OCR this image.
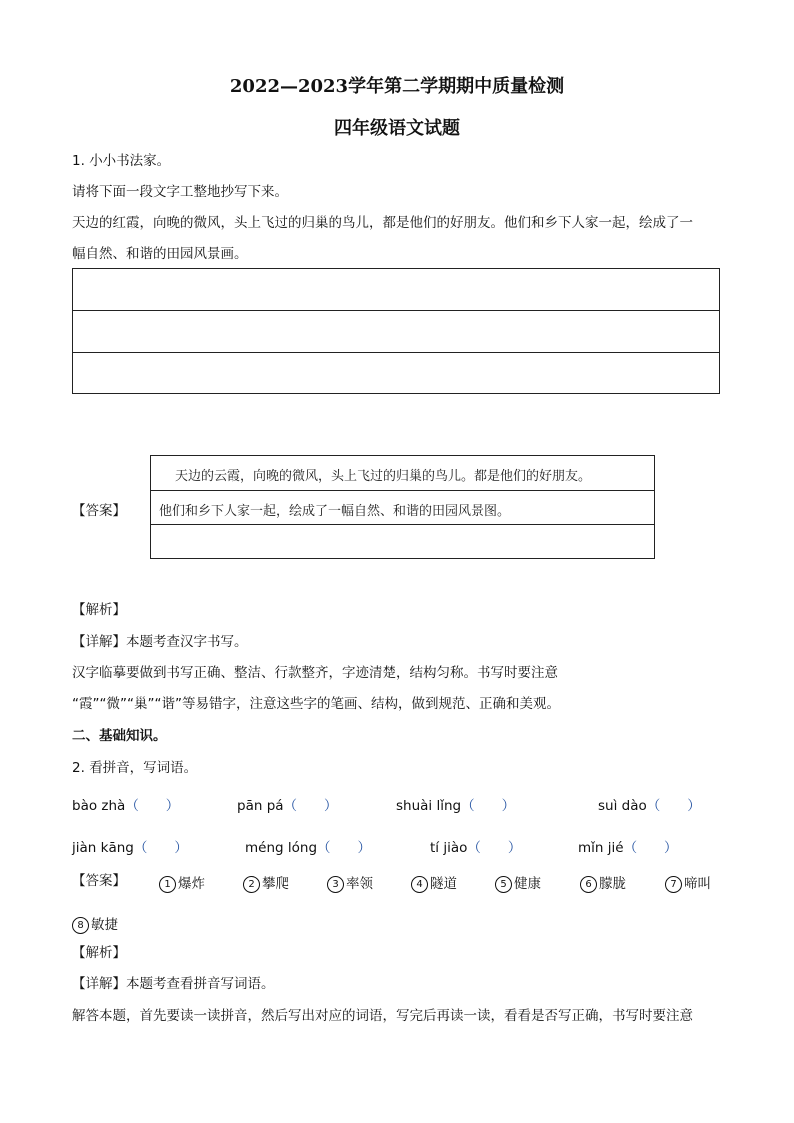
2022—2023学年第二学期期中质量检测
四年级语文试题
1. 小小书法家。
请将下面一段文字工整地抄写下来。
天边的红霞，向晚的微风，头上飞过的归巢的鸟儿，都是他们的好朋友。他们和乡下人家一起，绘成了一
幅自然、和谐的田园风景画。
【答案】
天边的云霞，向晚的微风，头上飞过的归巢的鸟儿。都是他们的好朋友。
他们和乡下人家一起，绘成了一幅自然、和谐的田园风景图。
【解析】
【详解】本题考查汉字书写。
汉字临摹要做到书写正确、整洁、行款整齐，字迹清楚，结构匀称。书写时要注意
“霞”“微”“巢”“谐”等易错字，注意这些字的笔画、结构，做到规范、正确和美观。
二、基础知识。
2. 看拼音，写词语。
bào zhà（　　）	pān pá（　　）	shuài lǐng（　　）	suì dào（　　）
jiàn kāng（　　）	méng lóng（　　）	tí jiào（　　）	mǐn jié（　　）
【答案】	1 爆炸	2 攀爬	3 率领	4 隧道	5 健康	6 朦胧	7 啼叫
8 敏捷
【解析】
【详解】本题考查看拼音写词语。
解答本题，首先要读一读拼音，然后写出对应的词语，写完后再读一读，看看是否写正确，书写时要注意
